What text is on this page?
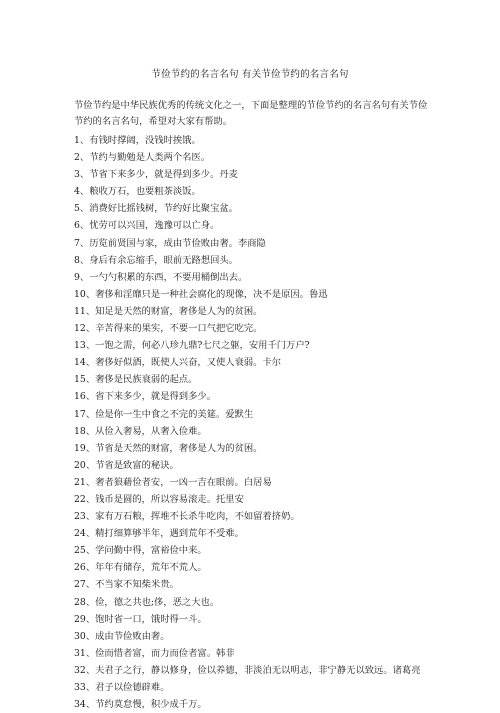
节俭节约的名言名句 有关节俭节约的名言名句
节俭节约是中华民族优秀的传统文化之一，下面是整理的节俭节约的名言名句有关节俭节约的名言名句，希望对大家有帮助。
1、有钱时撑阔，没钱时挨饿。
2、节约与勤勉是人类两个名医。
3、节省下来多少，就是得到多少。丹麦
4、粮收万石，也要粗茶淡饭。
5、消费好比摇钱树，节约好比聚宝盆。
6、忧劳可以兴国，逸豫可以亡身。
7、历览前贤国与家，成由节俭败由奢。李商隐
8、身后有余忘缩手，眼前无路想回头。
9、一勺勺积累的东西，不要用桶倒出去。
10、奢侈和淫靡只是一种社会腐化的现像，决不是原因。鲁迅
11、知足是天然的财富，奢侈是人为的贫困。
12、辛苦得来的果实，不要一口气把它吃完。
13、一饱之需，何必八珍九鼎?七尺之躯，安用千门万户?
14、奢侈好似酒，既使人兴奋，又使人衰弱。卡尔
15、奢侈是民族衰弱的起点。
16、省下来多少，就是得到多少。
17、俭是你一生中食之不完的美筵。爱默生
18、从俭入奢易，从奢入俭难。
19、节省是天然的财富，奢侈是人为的贫困。
20、节省是致富的秘诀。
21、奢者狼藉俭者安，一凶一吉在眼前。白居易
22、钱币是圆的，所以容易滚走。托里安
23、家有万石粮，挥堆不长杀牛吃肉，不如留着挤奶。
24、精打细算够半年，遇到荒年不受难。
25、学问勤中得，富裕俭中来。
26、年年有储存，荒年不荒人。
27、不当家不知柴米贵。
28、俭，德之共也;侈，恶之大也。
29、饱时省一口，饿时得一斗。
30、成由节俭败由奢。
31、俭而惜者富，而力而俭者富。韩非
32、夫君子之行，静以修身，俭以养德，非淡泊无以明志，非宁静无以致远。诸葛亮
33、君子以俭德辟难。
34、节约莫怠慢，积少成千万。
